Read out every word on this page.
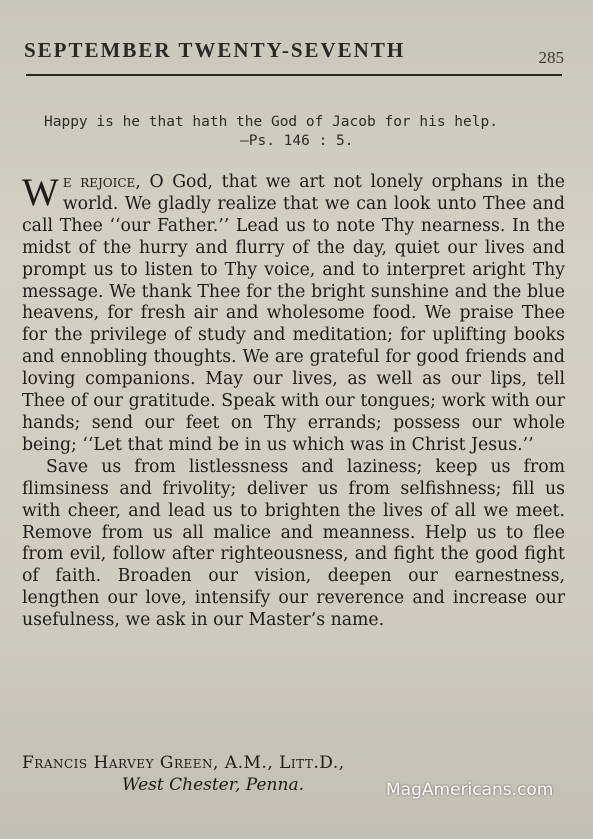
SEPTEMBER TWENTY-SEVENTH	285
Happy is he that hath the God of Jacob for his help.
—Ps. 146 : 5.

We rejoice, O God, that we art not lonely orphans in the world. We gladly realize that we can look unto Thee and call Thee ‘‘our Father.’’ Lead us to note Thy nearness. In the midst of the hurry and flurry of the day, quiet our lives and prompt us to listen to Thy voice, and to interpret aright Thy message. We thank Thee for the bright sunshine and the blue heavens, for fresh air and wholesome food. We praise Thee for the privilege of study and meditation; for uplifting books and ennobling thoughts. We are grateful for good friends and loving companions. May our lives, as well as our lips, tell Thee of our gratitude. Speak with our tongues; work with our hands; send our feet on Thy errands; possess our whole being; ‘‘Let that mind be in us which was in Christ Jesus.’’

Save us from listlessness and laziness; keep us from flimsiness and frivolity; deliver us from selfishness; fill us with cheer, and lead us to brighten the lives of all we meet. Remove from us all malice and meanness. Help us to flee from evil, follow after righteousness, and fight the good fight of faith. Broaden our vision, deepen our earnestness, lengthen our love, intensify our reverence and increase our usefulness, we ask in our Master’s name.

Francis Harvey Green, A.M., Litt.D.,
West Chester, Penna.	MagAmericans.com
